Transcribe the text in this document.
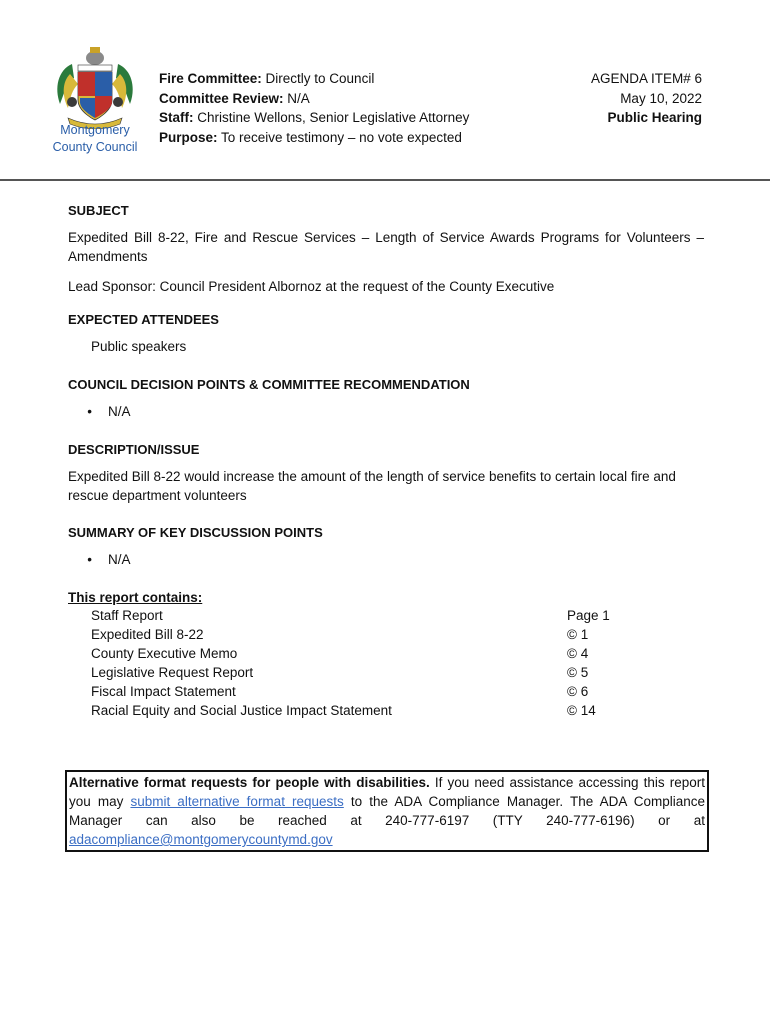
Montgomery
County Council
Fire Committee: Directly to Council
Committee Review: N/A
Staff: Christine Wellons, Senior Legislative Attorney
Purpose: To receive testimony – no vote expected
AGENDA ITEM# 6
May 10, 2022
Public Hearing
SUBJECT
Expedited Bill 8-22, Fire and Rescue Services – Length of Service Awards Programs for Volunteers – Amendments
Lead Sponsor: Council President Albornoz at the request of the County Executive
EXPECTED ATTENDEES
Public speakers
COUNCIL DECISION POINTS & COMMITTEE RECOMMENDATION
• N/A
DESCRIPTION/ISSUE
Expedited Bill 8-22 would increase the amount of the length of service benefits to certain local fire and rescue department volunteers
SUMMARY OF KEY DISCUSSION POINTS
• N/A
This report contains:
Staff Report	Page 1
Expedited Bill 8-22	© 1
County Executive Memo	© 4
Legislative Request Report	© 5
Fiscal Impact Statement	© 6
Racial Equity and Social Justice Impact Statement	© 14
Alternative format requests for people with disabilities. If you need assistance accessing this report you may submit alternative format requests to the ADA Compliance Manager. The ADA Compliance Manager can also be reached at 240-777-6197 (TTY 240-777-6196) or at adacompliance@montgomerycountymd.gov
